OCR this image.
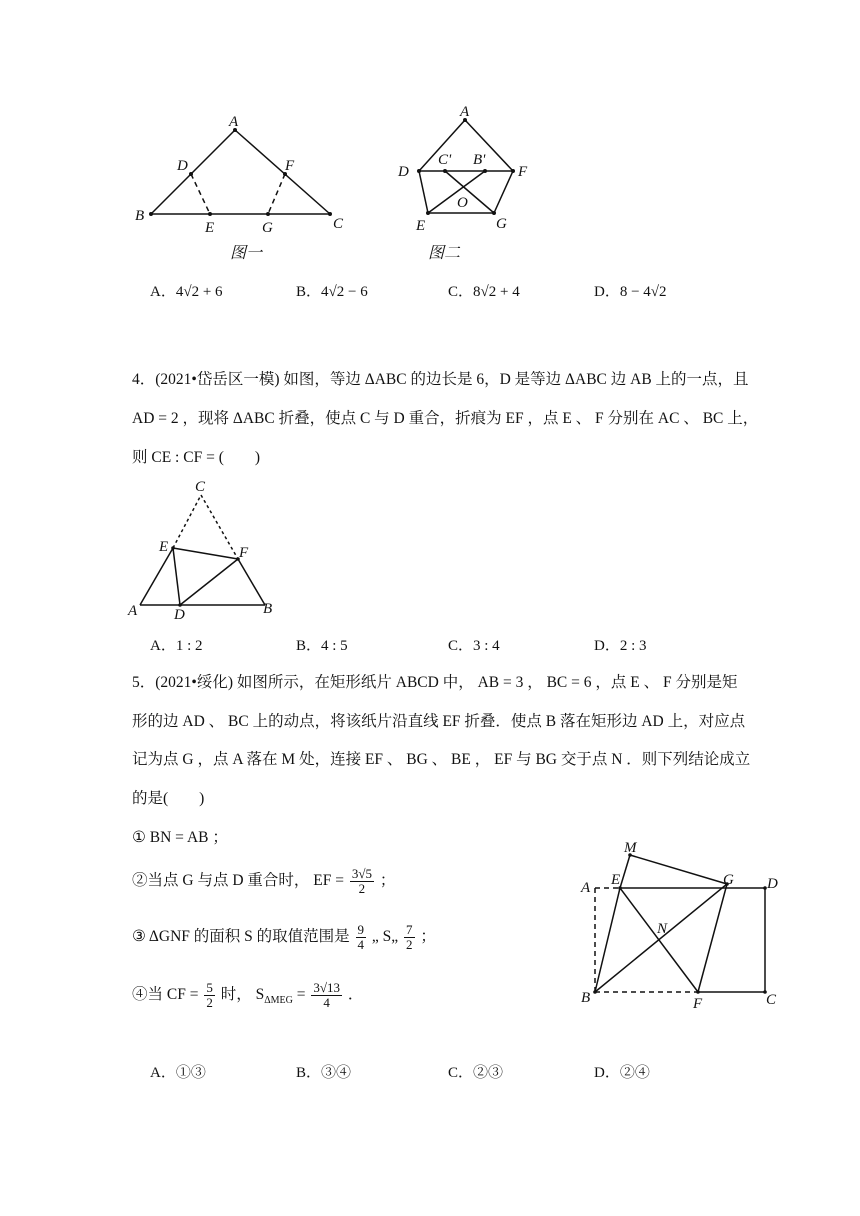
A
D	F
B
E	G	C
图一
A
D	F
C' B'
O
E	G
图二
A．4√2 + 6	B．4√2 − 6	C．8√2 + 4	D．8 − 4√2
4．(2021•岱岳区一模) 如图，等边 ΔABC 的边长是 6，D 是等边 ΔABC 边 AB 上的一点，且
AD = 2 ，现将 ΔABC 折叠，使点 C 与 D 重合，折痕为 EF ，点 E 、 F 分别在 AC 、 BC 上，
则 CE : CF = (　　)
C
E	F
A D	B
A．1 : 2	B．4 : 5	C．3 : 4	D．2 : 3
5．(2021•绥化) 如图所示，在矩形纸片 ABCD 中， AB = 3 ， BC = 6 ，点 E 、 F 分别是矩
形的边 AD 、 BC 上的动点，将该纸片沿直线 EF 折叠．使点 B 落在矩形边 AD 上，对应点
记为点 G ，点 A 落在 M 处，连接 EF 、 BG 、 BE ， EF 与 BG 交于点 N ．则下列结论成立
的是(　　)
① BN = AB ；
②当点 G 与点 D 重合时， EF = $\frac{3√5}{2}$ ；
③ ΔGNF 的面积 S 的取值范围是 $\frac{9}{4}$ „ S„ $\frac{7}{2}$ ；
④当 CF = $\frac{5}{2}$ 时， $S_{\Delta MEG} = \frac{3√13}{4}$ ．
M
A E	G D
N
B	F	C
A．①③	B．③④	C．②③	D．②④
